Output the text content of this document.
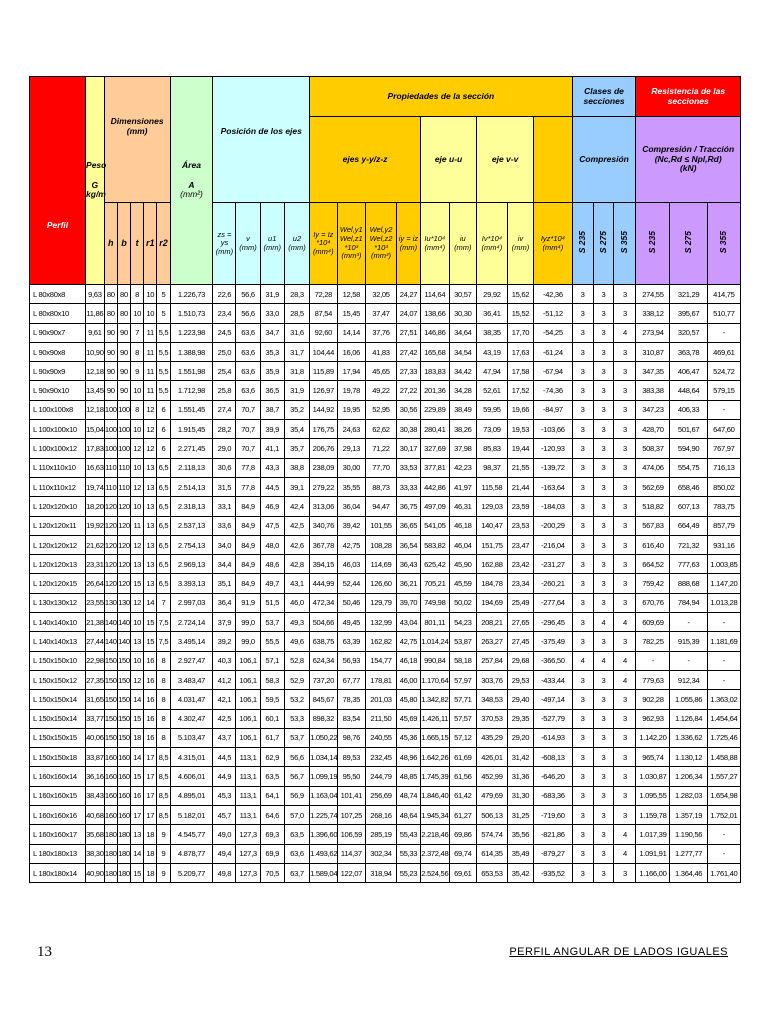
Perfil	Peso

G
kg/m	Dimensiones
(mm)					Área

A
(mm²)	Posición de los ejes				Propiedades de la sección									Clases de secciones			Resistencia de las secciones		
												ejes y-y/z-z				eje u-u		eje v-v			Compresión			Compresión / Tracción
(Nc,Rd ≤ Npl,Rd)
(kN)		
		h	b	t	r1	r2		zs = ys
(mm)	v
(mm)	u1
(mm)	u2
(mm)	Iy = Iz
*10⁴
(mm⁴)	Wel,y1 Wel,z1
*10³
(mm³)	Wel,y2 Wel,z2
*10³
(mm³)	iy = iz
(mm)	Iu*10⁴
(mm⁴)	iu
(mm)	Iv*10⁴
(mm⁴)	iv
(mm)	Iyz*10⁴
(mm⁴)	S 235	S 275	S 355	S 235	S 275	S 355
L 80x80x8	9,63	80	80	8	10	5	1.226,73	22,6	56,6	31,9	28,3	72,28	12,58	32,05	24,27	114,64	30,57	29,92	15,62	-42,36	3	3	3	274,55	321,29	414,75
L 80x80x10	11,86	80	80	10	10	5	1.510,73	23,4	56,6	33,0	28,5	87,54	15,45	37,47	24,07	138,66	30,30	36,41	15,52	-51,12	3	3	3	338,12	395,67	510,77
L 90x90x7	9,61	90	90	7	11	5,5	1.223,98	24,5	63,6	34,7	31,6	92,60	14,14	37,76	27,51	146,86	34,64	38,35	17,70	-54,25	3	3	4	273,94	320,57	-
L 90x90x8	10,90	90	90	8	11	5,5	1.388,98	25,0	63,6	35,3	31,7	104,44	16,06	41,83	27,42	165,68	34,54	43,19	17,63	-61,24	3	3	3	310,87	363,78	469,61
L 90x90x9	12,18	90	90	9	11	5,5	1.551,98	25,4	63,6	35,9	31,8	115,89	17,94	45,65	27,33	183,83	34,42	47,94	17,58	-67,94	3	3	3	347,35	406,47	524,72
L 90x90x10	13,45	90	90	10	11	5,5	1.712,98	25,8	63,6	36,5	31,9	126,97	19,78	49,22	27,22	201,36	34,28	52,61	17,52	-74,36	3	3	3	383,38	448,64	579,15
L 100x100x8	12,18	100	100	8	12	6	1.551,45	27,4	70,7	38,7	35,2	144,92	19,95	52,95	30,56	229,89	38,49	59,95	19,66	-84,97	3	3	3	347,23	406,33	-
L 100x100x10	15,04	100	100	10	12	6	1.915,45	28,2	70,7	39,9	35,4	176,75	24,63	62,62	30,38	280,41	38,26	73,09	19,53	-103,66	3	3	3	428,70	501,67	647,60
L 100x100x12	17,83	100	100	12	12	6	2.271,45	29,0	70,7	41,1	35,7	206,76	29,13	71,22	30,17	327,69	37,98	85,83	19,44	-120,93	3	3	3	508,37	594,90	767,97
L 110x110x10	16,63	110	110	10	13	6,5	2.118,13	30,6	77,8	43,3	38,8	238,09	30,00	77,70	33,53	377,81	42,23	98,37	21,55	-139,72	3	3	3	474,06	554,75	716,13
L 110x110x12	19,74	110	110	12	13	6,5	2.514,13	31,5	77,8	44,5	39,1	279,22	35,55	88,73	33,33	442,86	41,97	115,58	21,44	-163,64	3	3	3	562,69	658,46	850,02
L 120x120x10	18,20	120	120	10	13	6,5	2.318,13	33,1	84,9	46,9	42,4	313,06	36,04	94,47	36,75	497,09	46,31	129,03	23,59	-184,03	3	3	3	518,82	607,13	783,75
L 120x120x11	19,92	120	120	11	13	6,5	2.537,13	33,6	84,9	47,5	42,5	340,76	39,42	101,55	36,65	541,05	46,18	140,47	23,53	-200,29	3	3	3	567,83	664,49	857,79
L 120x120x12	21,62	120	120	12	13	6,5	2.754,13	34,0	84,9	48,0	42,6	367,78	42,75	108,28	36,54	583,82	46,04	151,75	23,47	-216,04	3	3	3	616,40	721,32	931,16
L 120x120x13	23,31	120	120	13	13	6,5	2.969,13	34,4	84,9	48,6	42,8	394,15	46,03	114,69	36,43	625,42	45,90	162,88	23,42	-231,27	3	3	3	664,52	777,63	1.003,85
L 120x120x15	26,64	120	120	15	13	6,5	3.393,13	35,1	84,9	49,7	43,1	444,99	52,44	126,60	36,21	705,21	45,59	184,78	23,34	-260,21	3	3	3	759,42	888,68	1.147,20
L 130x130x12	23,55	130	130	12	14	7	2.997,03	36,4	91,9	51,5	46,0	472,34	50,46	129,79	39,70	749,98	50,02	194,69	25,49	-277,64	3	3	3	670,76	784,94	1.013,28
L 140x140x10	21,38	140	140	10	15	7,5	2.724,14	37,9	99,0	53,7	49,3	504,66	49,45	132,99	43,04	801,11	54,23	208,21	27,65	-296,45	3	4	4	609,69	-	-
L 140x140x13	27,44	140	140	13	15	7,5	3.495,14	39,2	99,0	55,5	49,6	638,75	63,39	162,82	42,75	1.014,24	53,87	263,27	27,45	-375,49	3	3	3	782,25	915,39	1.181,69
L 150x150x10	22,98	150	150	10	16	8	2.927,47	40,3	106,1	57,1	52,8	624,34	56,93	154,77	46,18	990,84	58,18	257,84	29,68	-366,50	4	4	4	-	-	-
L 150x150x12	27,35	150	150	12	16	8	3.483,47	41,2	106,1	58,3	52,9	737,20	67,77	178,81	46,00	1.170,64	57,97	303,76	29,53	-433,44	3	3	4	779,63	912,34	-
L 150x150x14	31,65	150	150	14	16	8	4.031,47	42,1	106,1	59,5	53,2	845,67	78,35	201,03	45,80	1.342,82	57,71	348,53	29,40	-497,14	3	3	3	902,28	1.055,86	1.363,02
L 150x150x14	33,77	150	150	15	16	8	4.302,47	42,5	106,1	60,1	53,3	898,32	83,54	211,50	45,69	1.426,11	57,57	370,53	29,35	-527,79	3	3	3	962,93	1.126,84	1.454,64
L 150x150x15	40,06	150	150	18	16	8	5.103,47	43,7	106,1	61,7	53,7	1.050,22	98,76	240,55	45,36	1.665,15	57,12	435,29	29,20	-614,93	3	3	3	1.142,20	1.336,62	1.725,46
L 150x150x18	33,87	160	160	14	17	8,5	4.315,01	44,5	113,1	62,9	56,6	1.034,14	89,53	232,45	48,96	1.642,26	61,69	426,01	31,42	-608,13	3	3	3	965,74	1.130,12	1.458,88
L 160x160x14	36,16	160	160	15	17	8,5	4.606,01	44,9	113,1	63,5	56,7	1.099,19	95,50	244,79	48,85	1.745,39	61,56	452,99	31,36	-646,20	3	3	3	1.030,87	1.206,34	1.557,27
L 160x160x15	38,43	160	160	16	17	8,5	4.895,01	45,3	113,1	64,1	56,9	1.163,04	101,41	256,69	48,74	1.846,40	61,42	479,69	31,30	-683,36	3	3	3	1.095,55	1.282,03	1.654,98
L 160x160x16	40,68	160	160	17	17	8,5	5.182,01	45,7	113,1	64,6	57,0	1.225,74	107,25	268,16	48,64	1.945,34	61,27	506,13	31,25	-719,60	3	3	3	1.159,78	1.357,19	1.752,01
L 160x160x17	35,68	180	180	13	18	9	4.545,77	49,0	127,3	69,3	63,5	1.396,60	106,59	285,19	55,43	2.218,46	69,86	574,74	35,56	-821,86	3	3	4	1.017,39	1.190,56	-
L 180x180x13	38,30	180	180	14	18	9	4.878,77	49,4	127,3	69,9	63,6	1.493,62	114,37	302,34	55,33	2.372,48	69,74	614,35	35,49	-879,27	3	3	4	1.091,91	1.277,77	-
L 180x180x14	40,90	180	180	15	18	9	5.209,77	49,8	127,3	70,5	63,7	1.589,04	122,07	318,94	55,23	2.524,56	69,61	653,53	35,42	-935,52	3	3	3	1.166,00	1.364,46	1.761,40
13	PERFIL ANGULAR DE LADOS IGUALES
